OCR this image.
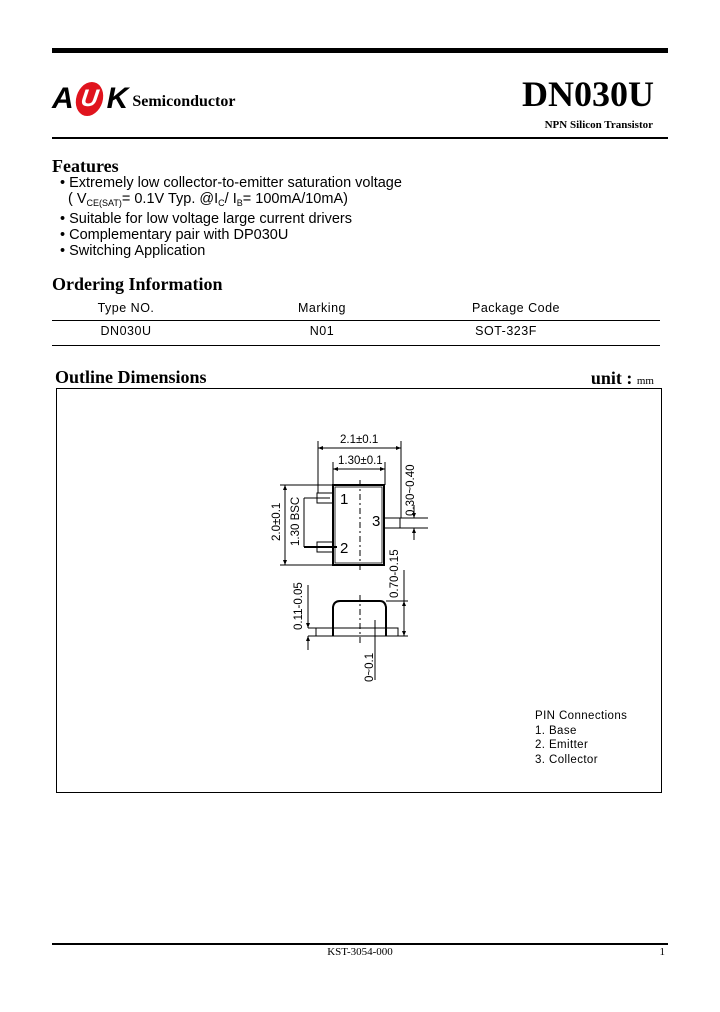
A U K Semiconductor	DN030U
NPN Silicon Transistor
Features
• Extremely low collector-to-emitter saturation voltage
( $V_{CE(SAT)}= 0.1V$ Typ. $@I_C/$ $I_B= 100mA/10mA$)
• Suitable for low voltage large current drivers
• Complementary pair with DP030U
• Switching Application
Ordering Information
Type NO.	Marking	Package Code
DN030U	N01	SOT-323F
Outline Dimensions	unit : mm
2.1±0.1
1.30±0.1
2.0±0.1 1.30 BSC
0.30~0.40
0.70-0.15
0.11-0.05
0~0.1
1
2
3
PIN Connections
1. Base
2. Emitter
3. Collector
KST-3054-000	1
